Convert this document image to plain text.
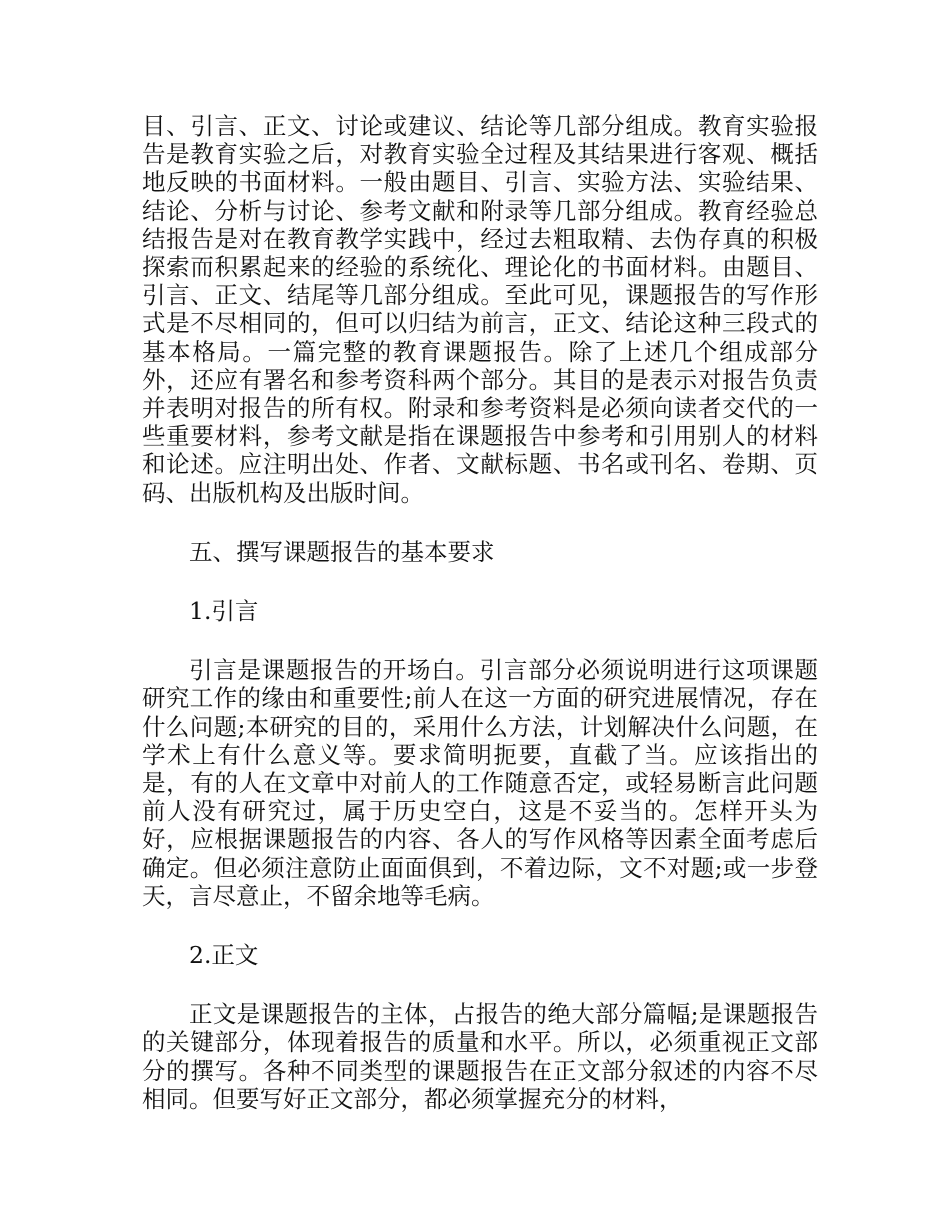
目、引言、正文、讨论或建议、结论等几部分组成。教育实验报告是教育实验之后，对教育实验全过程及其结果进行客观、概括地反映的书面材料。一般由题目、引言、实验方法、实验结果、结论、分析与讨论、参考文献和附录等几部分组成。教育经验总结报告是对在教育教学实践中，经过去粗取精、去伪存真的积极探索而积累起来的经验的系统化、理论化的书面材料。由题目、引言、正文、结尾等几部分组成。至此可见，课题报告的写作形式是不尽相同的，但可以归结为前言，正文、结论这种三段式的基本格局。一篇完整的教育课题报告。除了上述几个组成部分外，还应有署名和参考资科两个部分。其目的是表示对报告负责并表明对报告的所有权。附录和参考资料是必须向读者交代的一些重要材料，参考文献是指在课题报告中参考和引用别人的材料和论述。应注明出处、作者、文献标题、书名或刊名、卷期、页码、出版机构及出版时间。

五、撰写课题报告的基本要求

1.引言

引言是课题报告的开场白。引言部分必须说明进行这项课题研究工作的缘由和重要性;前人在这一方面的研究进展情况，存在什么问题;本研究的目的，采用什么方法，计划解决什么问题，在学术上有什么意义等。要求简明扼要，直截了当。应该指出的是，有的人在文章中对前人的工作随意否定，或轻易断言此问题前人没有研究过，属于历史空白，这是不妥当的。怎样开头为好，应根据课题报告的内容、各人的写作风格等因素全面考虑后确定。但必须注意防止面面俱到，不着边际，文不对题;或一步登天，言尽意止，不留余地等毛病。

2.正文

正文是课题报告的主体，占报告的绝大部分篇幅;是课题报告的关键部分，体现着报告的质量和水平。所以，必须重视正文部分的撰写。各种不同类型的课题报告在正文部分叙述的内容不尽相同。但要写好正文部分，都必须掌握充分的材料，
